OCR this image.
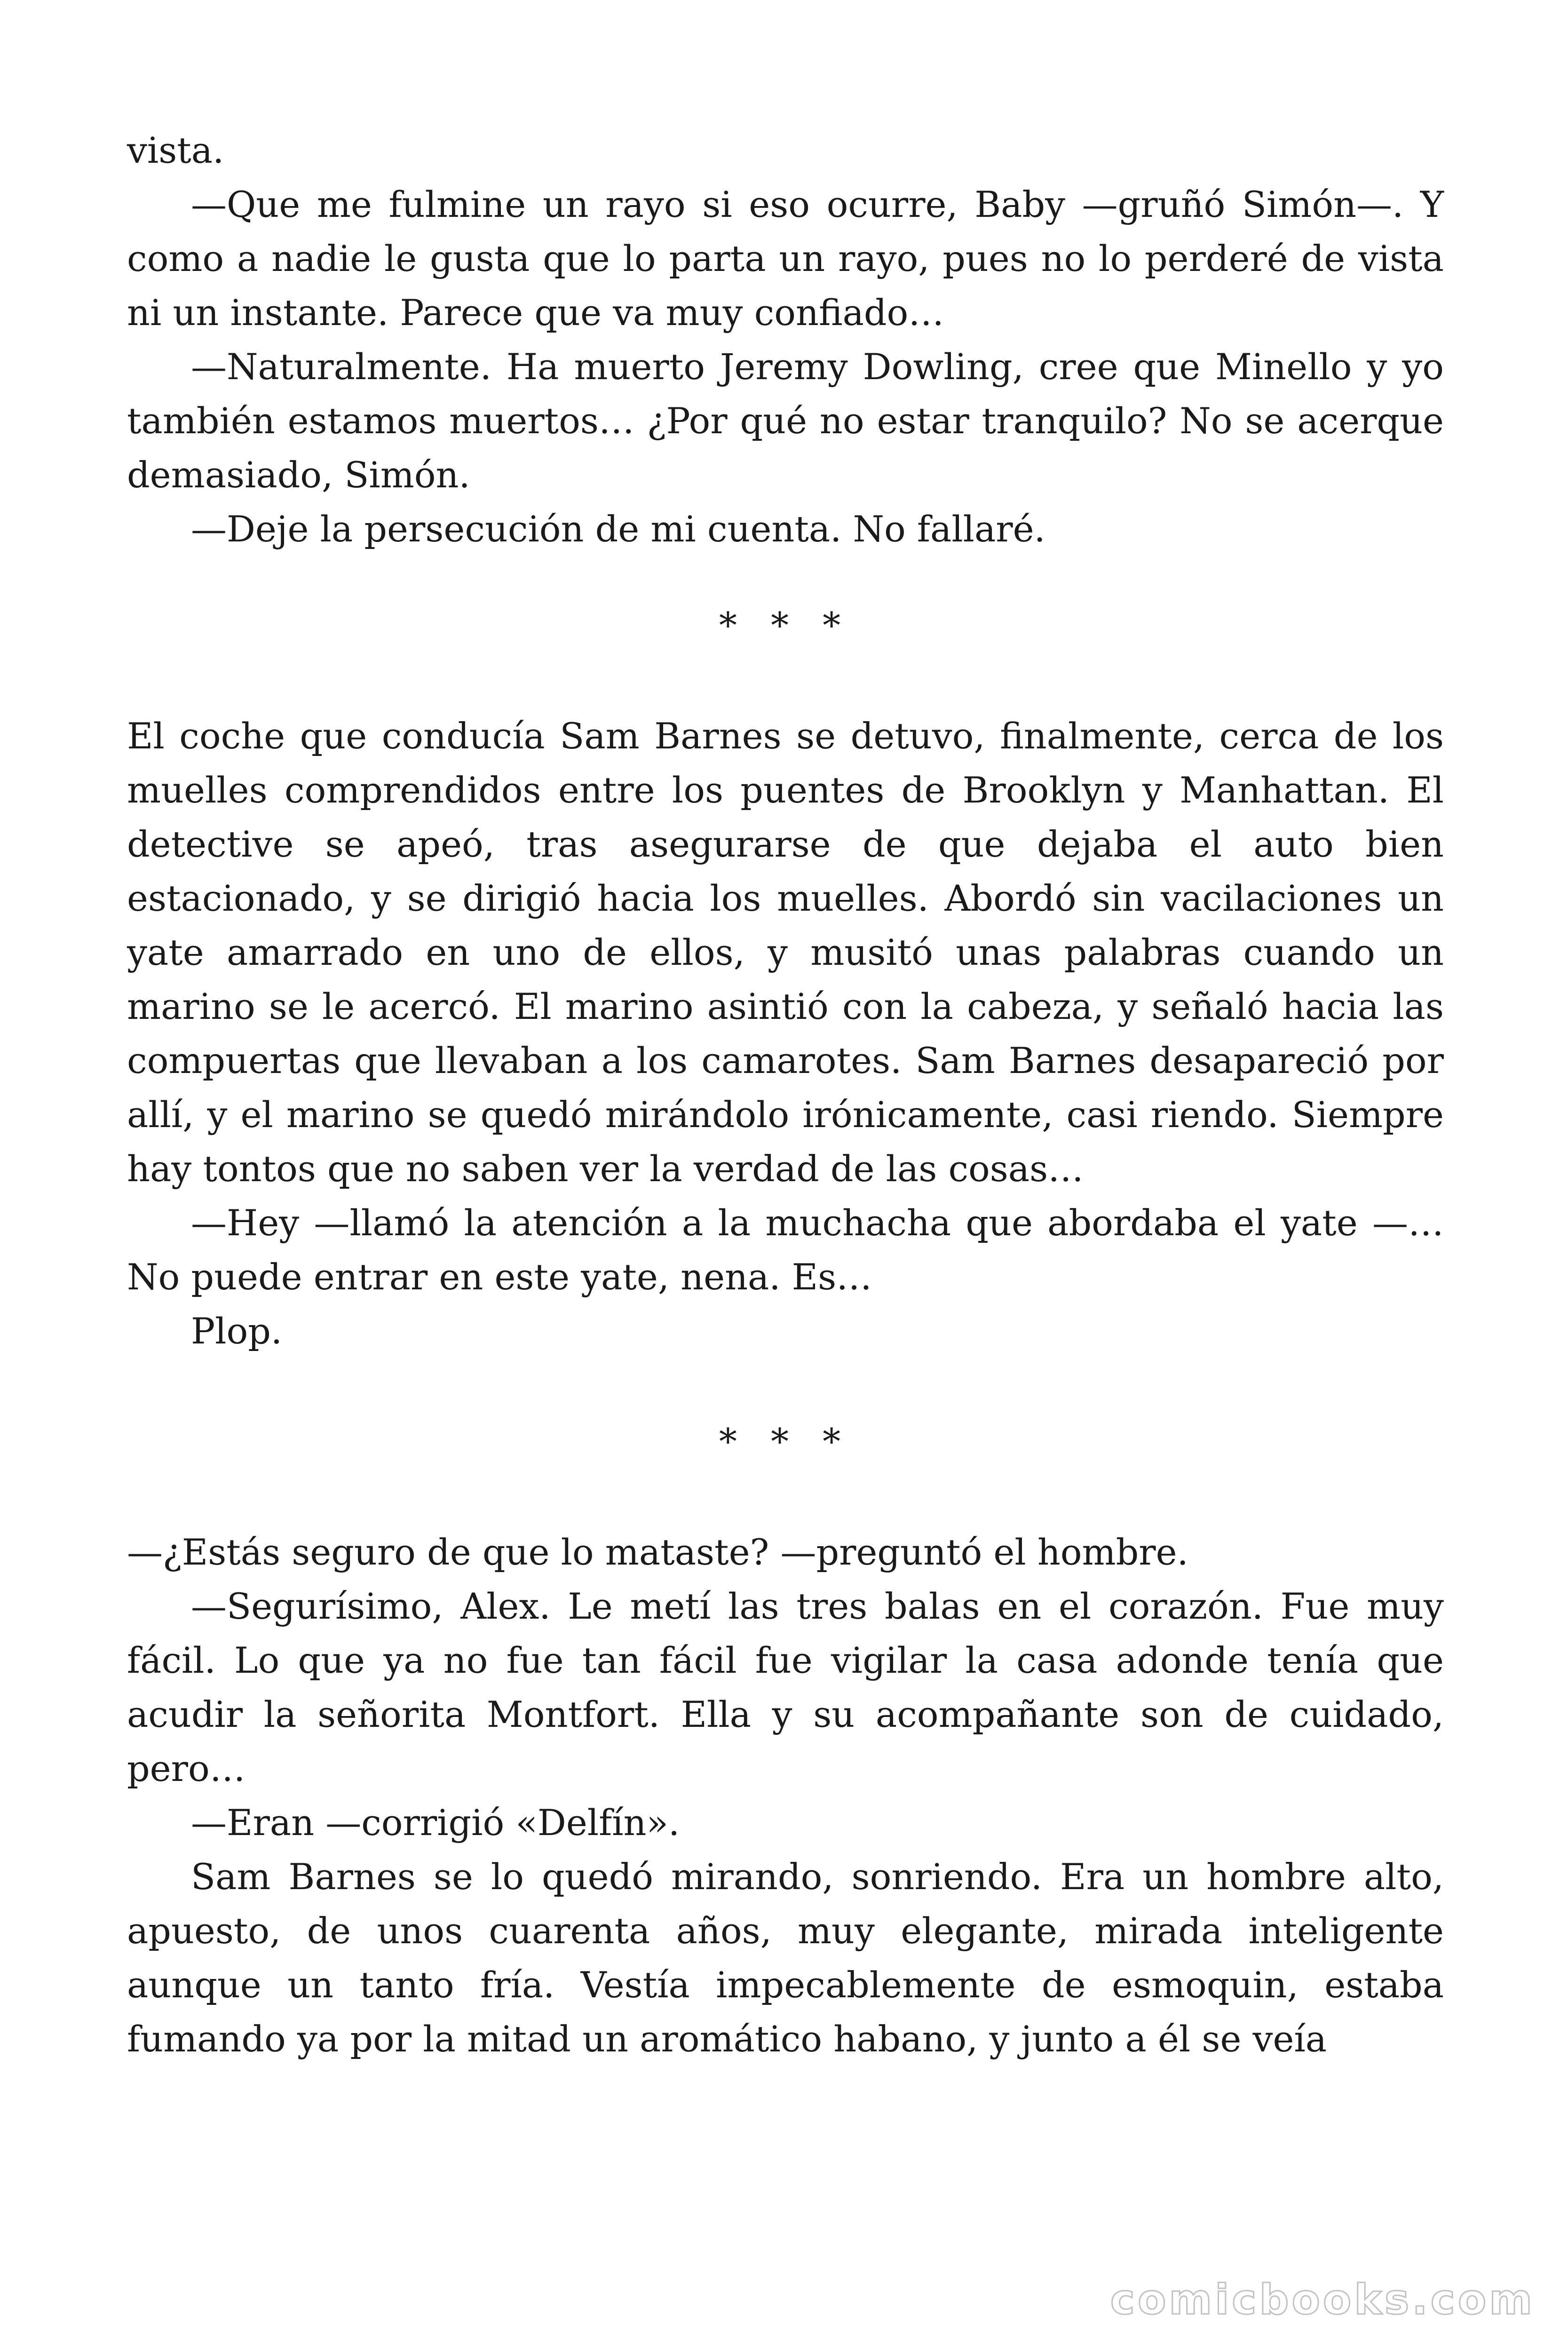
vista.

—Que me fulmine un rayo si eso ocurre, Baby —gruñó Simón—. Y como a nadie le gusta que lo parta un rayo, pues no lo perderé de vista ni un instante. Parece que va muy confiado…

—Naturalmente. Ha muerto Jeremy Dowling, cree que Minello y yo también estamos muertos… ¿Por qué no estar tranquilo? No se acerque demasiado, Simón.

—Deje la persecución de mi cuenta. No fallaré.

* * *

El coche que conducía Sam Barnes se detuvo, finalmente, cerca de los muelles comprendidos entre los puentes de Brooklyn y Manhattan. El detective se apeó, tras asegurarse de que dejaba el auto bien estacionado, y se dirigió hacia los muelles. Abordó sin vacilaciones un yate amarrado en uno de ellos, y musitó unas palabras cuando un marino se le acercó. El marino asintió con la cabeza, y señaló hacia las compuertas que llevaban a los camarotes. Sam Barnes desapareció por allí, y el marino se quedó mirándolo irónicamente, casi riendo. Siempre hay tontos que no saben ver la verdad de las cosas…

—Hey —llamó la atención a la muchacha que abordaba el yate —… No puede entrar en este yate, nena. Es…

Plop.

* * *

—¿Estás seguro de que lo mataste? —preguntó el hombre.

—Segurísimo, Alex. Le metí las tres balas en el corazón. Fue muy fácil. Lo que ya no fue tan fácil fue vigilar la casa adonde tenía que acudir la señorita Montfort. Ella y su acompañante son de cuidado, pero…

—Eran —corrigió «Delfín».

Sam Barnes se lo quedó mirando, sonriendo. Era un hombre alto, apuesto, de unos cuarenta años, muy elegante, mirada inteligente aunque un tanto fría. Vestía impecablemente de esmoquin, estaba fumando ya por la mitad un aromático habano, y junto a él se veía

comicbooks.com
